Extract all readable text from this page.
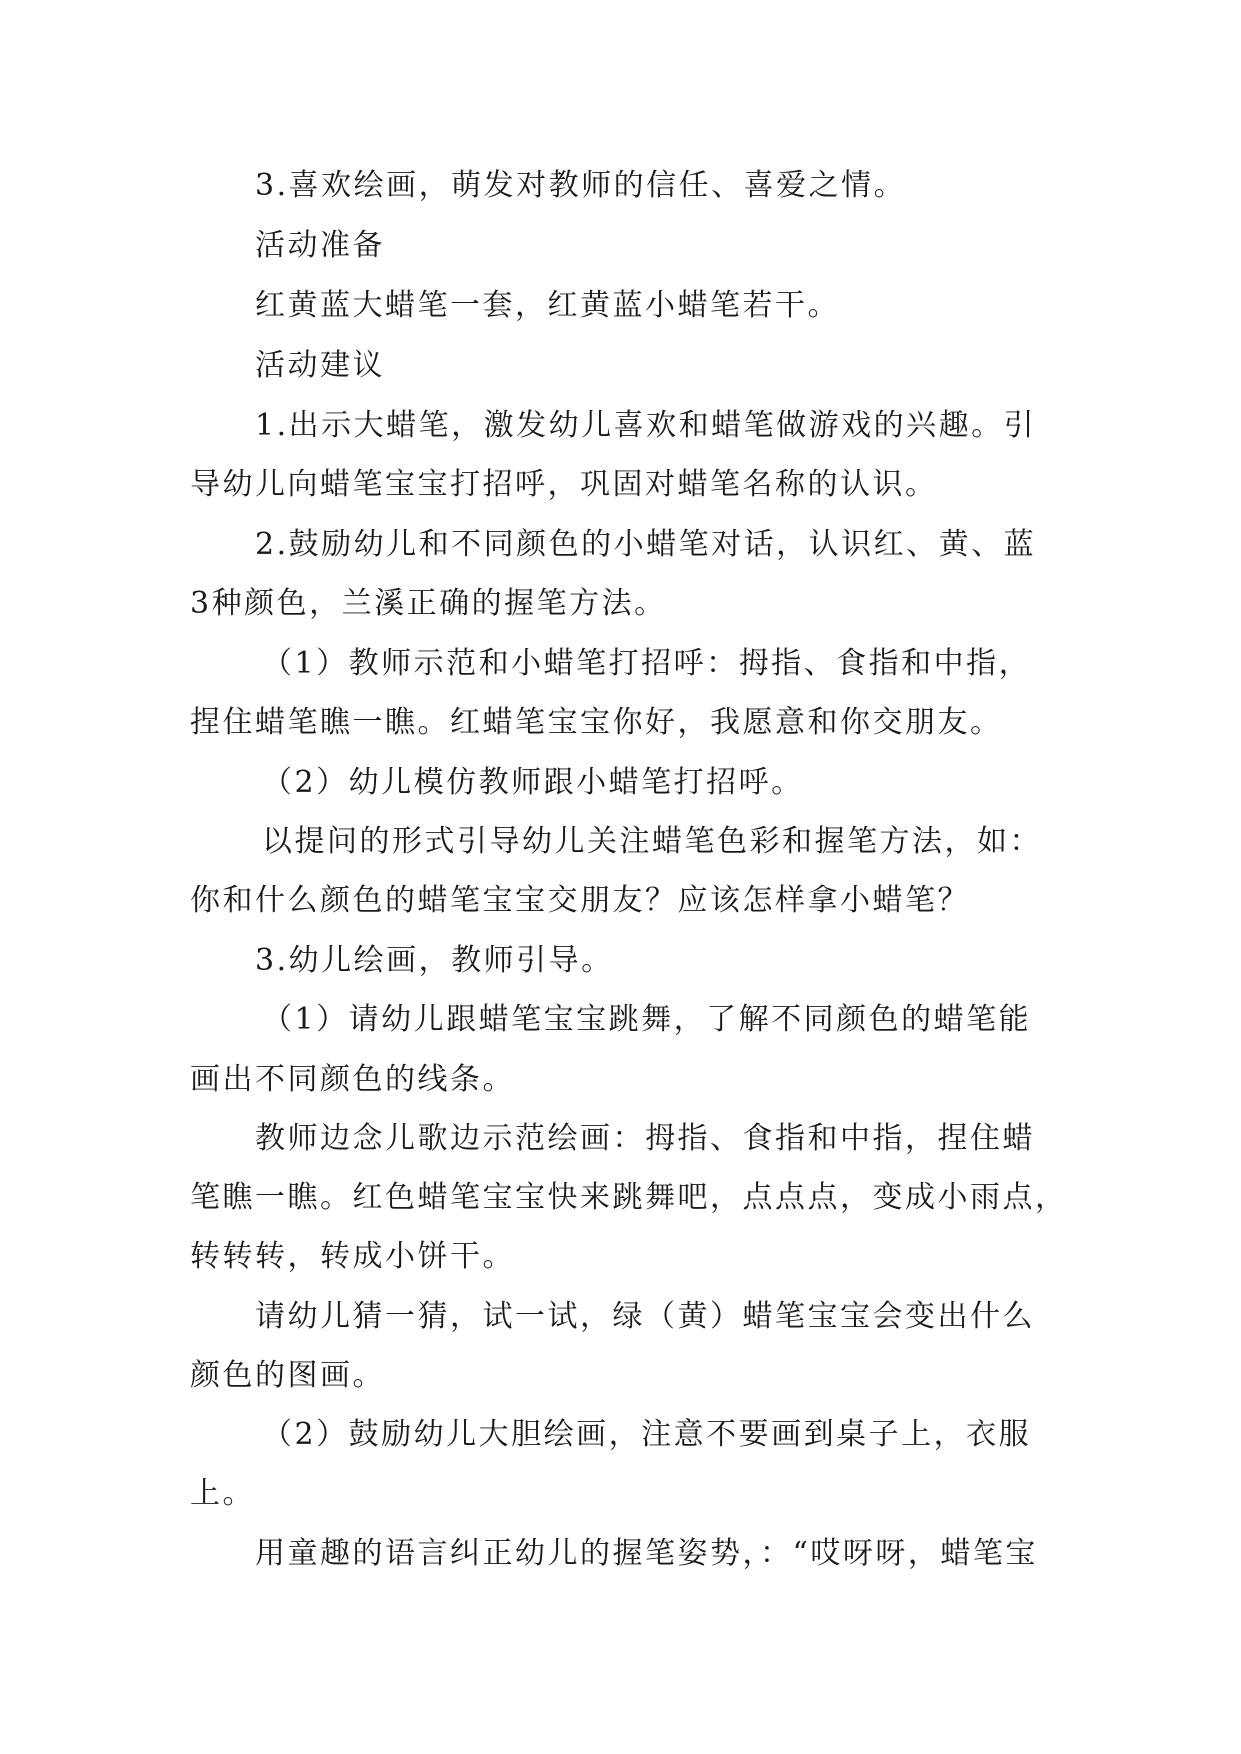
3.喜欢绘画，萌发对教师的信任、喜爱之情。
活动准备
红黄蓝大蜡笔一套，红黄蓝小蜡笔若干。
活动建议
1.出示大蜡笔，激发幼儿喜欢和蜡笔做游戏的兴趣。引
导幼儿向蜡笔宝宝打招呼，巩固对蜡笔名称的认识。
2.鼓励幼儿和不同颜色的小蜡笔对话，认识红、黄、蓝
3种颜色，兰溪正确的握笔方法。
（1）教师示范和小蜡笔打招呼：拇指、食指和中指，
捏住蜡笔瞧一瞧。红蜡笔宝宝你好，我愿意和你交朋友。
（2）幼儿模仿教师跟小蜡笔打招呼。
以提问的形式引导幼儿关注蜡笔色彩和握笔方法，如：
你和什么颜色的蜡笔宝宝交朋友？应该怎样拿小蜡笔？
3.幼儿绘画，教师引导。
（1）请幼儿跟蜡笔宝宝跳舞，了解不同颜色的蜡笔能
画出不同颜色的线条。
教师边念儿歌边示范绘画：拇指、食指和中指，捏住蜡
笔瞧一瞧。红色蜡笔宝宝快来跳舞吧，点点点，变成小雨点，
转转转，转成小饼干。
请幼儿猜一猜，试一试，绿（黄）蜡笔宝宝会变出什么
颜色的图画。
（2）鼓励幼儿大胆绘画，注意不要画到桌子上，衣服
上。
用童趣的语言纠正幼儿的握笔姿势，：“哎呀呀，蜡笔宝
